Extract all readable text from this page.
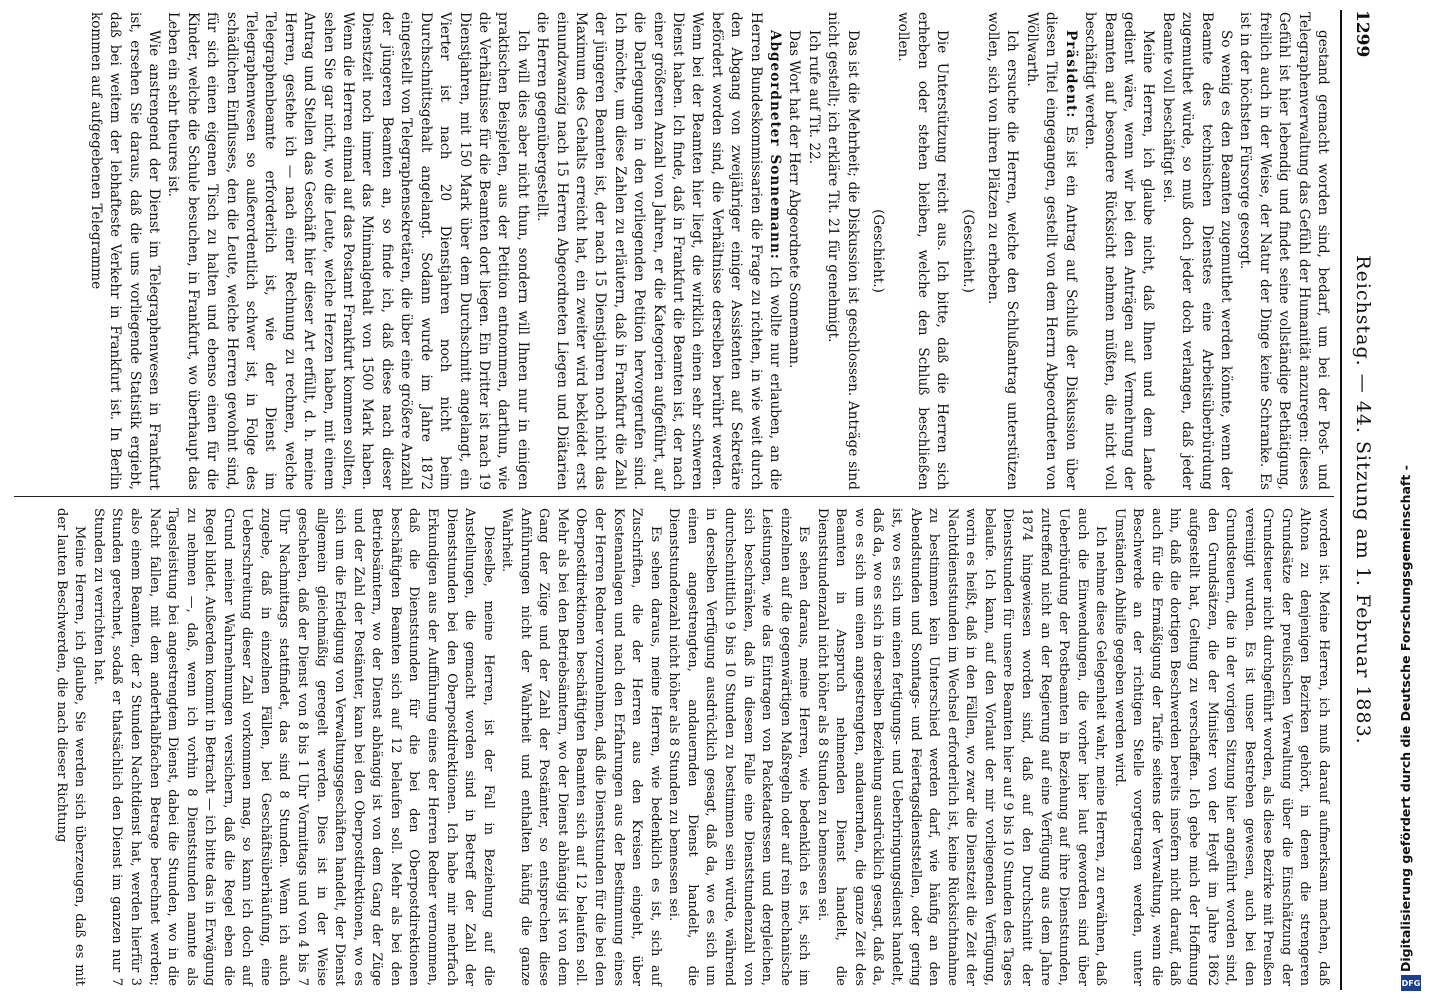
1299
Reichstag. — 44. Sitzung am 1. Februar 1883.

gestand gemacht worden sind, bedarf, um bei der Post- und Telegraphenverwaltung das Gefühl der Humanität anzuregen: dieses Gefühl ist hier lebendig und findet seine vollständige Bethätigung, freilich auch in der Weise, der Natur der Dinge keine Schranke. Es ist in der höchsten Fürsorge gesorgt.

So wenig es den Beamten zugemuthet werden könnte, wenn der Beamte des technischen Dienstes eine Arbeitsüberbürdung zugemuthet würde, so muß doch jeder doch verlangen, daß jeder Beamte voll beschäftigt sei.

Meine Herren, ich glaube nicht, daß Ihnen und dem Lande gedient wäre, wenn wir bei den Anträgen auf Vermehrung der Beamten auf besondere Rücksicht nehmen müßten, die nicht voll beschäftigt werden.

Präsident: Es ist ein Antrag auf Schluß der Diskussion über diesen Titel eingegangen, gestellt von dem Herrn Abgeordneten von Wöllwarth.

Ich ersuche die Herren, welche den Schlußantrag unterstützen wollen, sich von ihren Plätzen zu erheben.

(Geschieht.)

Die Unterstützung reicht aus. Ich bitte, daß die Herren sich erheben oder stehen bleiben, welche den Schluß beschließen wollen.

(Geschieht.)

Das ist die Mehrheit; die Diskussion ist geschlossen. Anträge sind nicht gestellt; ich erkläre Tit. 21 für genehmigt.

Ich rufe auf Tit. 22.

Das Wort hat der Herr Abgeordnete Sonnemann.

Abgeordneter Sonnemann: Ich wollte nur erlauben, an die Herren Bundeskommissarien die Frage zu richten, in wie weit durch den Abgang von zweijähriger einiger Assistenten auf Sekretäre befördert worden sind, die Verhältnisse derselben berührt werden. Wenn bei der Beamten hier liegt, die wirklich einen sehr schweren Dienst haben. Ich finde, daß in Frankfurt die Beamten ist, der nach einer größeren Anzahl von Jahren, er die Kategorien aufgeführt, auf die Darlegungen in den vorliegenden Petition hervorgerufen sind. Ich möchte, um diese Zahlen zu erläutern, daß in Frankfurt die Zahl der jüngeren Beamten ist, der nach 15 Dienstjahren noch nicht das Maximum des Gehalts erreicht hat, ein zweiter wird bekleidet erst einundzwanzig nach 15 Herren Abgeordneten Liegen und Diätarien die Herren gegenübergestellt.

Ich will dies aber nicht thun, sondern will Ihnen nur in einigen praktischen Beispielen, aus der Petition entnommen, darthun, wie die Verhältnisse für die Beamten dort liegen. Ein Dritter ist nach 19 Dienstjahren, mit 150 Mark über dem Durchschnitt angelangt, ein Vierter ist nach 20 Dienstjahren noch nicht beim Durchschnittsgehalt angelangt. Sodann wurde im Jahre 1872 eingestellt von Telegraphensekretären, die über eine größere Anzahl der jüngeren Beamten an, so finde ich, daß diese nach dieser Dienstzeit noch immer das Minimalgehalt von 1500 Mark haben. Wenn die Herren einmal auf das Postamt Frankfurt kommen sollten, sehen Sie gar nicht, wo die Leute, welche Herzen haben, mit einem Antrag und Stellen das Geschäft hier dieser Art erfüllt, d. h. meine Herren, gestehe ich — nach einer Rechnung zu rechnen, welche Telegraphenbeamte erforderlich ist, wie der Dienst im Telegraphenwesen so außerordentlich schwer ist, in Folge des schädlichen Einflusses, den die Leute, welche Herren gewohnt sind, für sich einen eigenen Tisch zu halten und ebenso einen für die Kinder, welche die Schule besuchen, in Frankfurt, wo überhaupt das Leben ein sehr theures ist.

Wie anstrengend der Dienst im Telegraphenwesen in Frankfurt ist, ersehen Sie daraus, daß die uns vorliegende Statistik ergiebt, daß bei weitem der lebhafteste Verkehr in Frankfurt ist. In Berlin kommen auf aufgegebenen Telegramme

worden ist. Meine Herren, ich muß darauf aufmerksam machen, daß Altona zu denjenigen Bezirken gehört, in denen die strengeren Grundsätze der preußischen Verwaltung über die Einschätzung der Grundsteuer nicht durchgeführt worden, als diese Bezirke mit Preußen vereinigt wurden. Es ist unser Bestreben gewesen, auch bei den Grundsteuern, die in der vorigen Sitzung hier angeführt worden sind, den Grundsätzen, die der Minister von der Heydt im Jahre 1862 aufgestellt hat, Geltung zu verschaffen. Ich gebe mich der Hoffnung hin, daß die dortigen Beschwerden bereits insofern nicht darauf, daß auch für die Ermäßigung der Tarife seitens der Verwaltung, wenn die Beschwerde an der richtigen Stelle vorgetragen werden, unter Umständen Abhilfe gegeben werden wird.

Ich nehme diese Gelegenheit wahr, meine Herren, zu erwähnen, daß auch die Einwendungen, die vorher hier laut geworden sind über Ueberbürdung der Postbeamten in Beziehung auf ihre Dienststunden, zutreffend nicht an der Regierung auf eine Verfügung aus dem Jahre 1874 hingewiesen worden sind, daß auf den Durchschnitt der Dienststunden für unsere Beamten hier auf 9 bis 10 Stunden des Tages belaufe. Ich kann, auf den Vorlaut der mir vorliegenden Verfügung, worin es heißt, daß in den Fällen, wo zwar die Dienstzeit die Zeit der Nachtdienststunden im Wechsel erforderlich ist, keine Rücksichtnahme zu bestimmen kein Unterschied werden darf, wie häufig an den Abendstunden und Sonntags- und Feiertagsdienststellen, oder gering ist, wo es sich um einen fertigungs- und Ueberbringungsdienst handelt, daß da, wo es sich in derselben Beziehung ausdrücklich gesagt, daß da, wo es sich um einen angestrengten, andauernden, die ganze Zeit des Beamten in Anspruch nehmenden Dienst handelt, die Dienststundenzahl nicht höher als 8 Stunden zu bemessen sei.

Es sehen daraus, meine Herren, wie bedenklich es ist, sich im einzelnen auf die gegenwärtigen Maßregeln oder auf rein mechanische Leistungen, wie das Eintragen von Packetadressen und dergleichen, sich beschränken, daß in diesem Falle eine Dienststundenzahl von durchschnittlich 9 bis 10 Stunden zu bestimmen sein würde, während in derselben Verfügung ausdrücklich gesagt, daß da, wo es sich um einen angestrengten, andauernden Dienst handelt, die Dienststundenzahl nicht höher als 8 Stunden zu bemessen sei.

Es sehen daraus, meine Herren, wie bedenklich es ist, sich auf Zuschriften, die der Herren aus den Kreisen eingeht, über Kostenanlagen und nach den Erfahrungen aus der Bestimmung eines der Herren Redner vorzunehmen, daß die Dienststunden für die bei den Oberpostdirektionen beschäftigten Beamten sich auf 12 belaufen soll. Mehr als bei den Betriebsämtern, wo der Dienst abhängig ist von dem Gang der Züge und der Zahl der Postämter, so entsprechen diese Anführungen nicht der Wahrheit und enthalten häufig die ganze Wahrheit.

Dieselbe, meine Herren, ist der Fall in Beziehung auf die Anstellungen, die gemacht worden sind in Betreff der Zahl der Dienststunden bei den Oberpostdirektionen. Ich habe mir mehrfach Erkundigen aus der Aufführung eines der Herren Redner vernommen, daß die Dienststunden für die bei den Oberpostdirektionen beschäftigten Beamten sich auf 12 belaufen soll. Mehr als bei den Betriebsämtern, wo der Dienst abhängig ist von dem Gang der Züge und der Zahl der Postämter, kann bei den Oberpostdirektionen, wo es sich um die Erledigung von Verwaltungsgeschäften handelt, der Dienst allgemein gleichmäßig geregelt werden. Dies ist in der Weise geschehen, daß der Dienst von 8 bis 1 Uhr Vormittags und von 4 bis 7 Uhr Nachmittags stattfindet, das sind 8 Stunden. Wenn ich auch zugebe, daß in einzelnen Fällen, bei Geschäftsüberhäufung, eine Ueberschreitung dieser Zahl vorkommen mag, so kann ich doch auf Grund meiner Wahrnehmungen versichern, daß die Regel eben die Regel bildet. Außerdem kommt in Betracht — ich bitte das in Erwägung zu nehmen —, daß, wenn ich vorhin 8 Dienststunden nannte als Tagesleistung bei angestrengtem Dienst, dabei die Stunden, wo in die Nacht fallen, mit dem anderthalbfachen Betrage berechnet werden; also einem Beamten, der 2 Stunden Nachtdienst hat, werden hierfür 3 Stunden gerechnet, sodaß er thatsächlich den Dienst im ganzen nur 7 Stunden zu verrichten hat.

Meine Herren, ich glaube, Sie werden sich überzeugen, daß es mit der lauten Beschwerden, die nach dieser Richtung	Digitalisierung gefördert durch die Deutsche Forschungsgemeinschaft -
DFG
